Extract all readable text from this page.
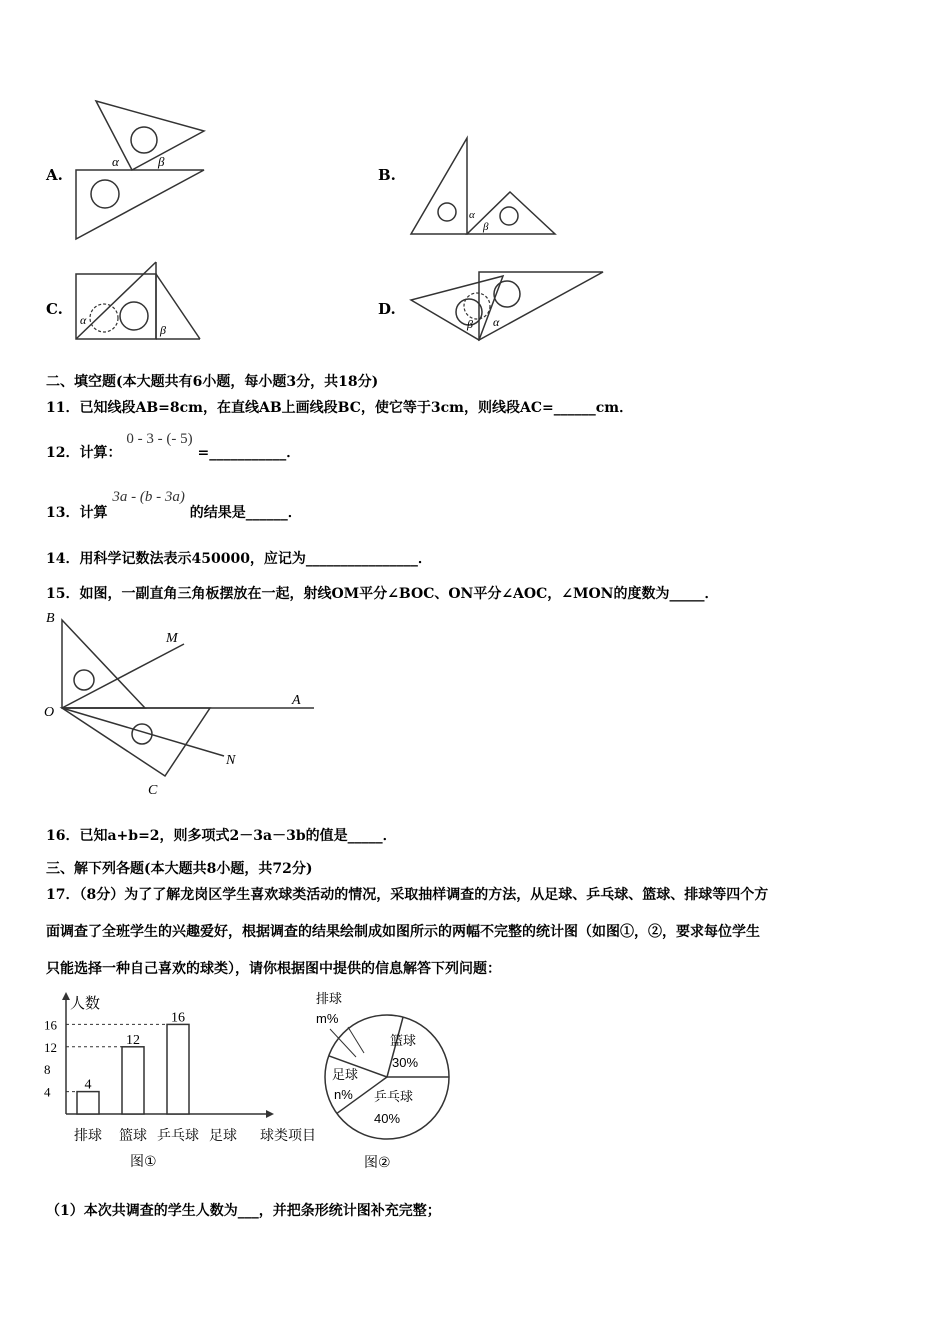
A.
α	β
B.
α
β
C.
α
β
D.
β α
二、填空题(本大题共有6小题，每小题3分，共18分)
11．已知线段AB=8cm，在直线AB上画线段BC，使它等于3cm，则线段AC=______cm．
12．计算： 0 - 3 - (- 5) =___________．
13．计算 3a - (b - 3a) 的结果是______．
14．用科学记数法表示450000，应记为________________．
15．如图，一副直角三角板摆放在一起，射线OM平分∠BOC、ON平分∠AOC，∠MON的度数为_____．
B
M
O
A
N
C
16．已知a+b=2，则多项式2－3a－3b的值是_____．
三、解下列各题(本大题共8小题，共72分)
17．（8分）为了了解龙岗区学生喜欢球类活动的情况，采取抽样调查的方法，从足球、乒乓球、篮球、排球等四个方
面调查了全班学生的兴趣爱好，根据调查的结果绘制成如图所示的两幅不完整的统计图（如图①，②，要求每位学生
只能选择一种自己喜欢的球类），请你根据图中提供的信息解答下列问题：
人数
球类项目
4
8
12
16
4
12
16
排球 篮球 乒乓球 足球
图①
排球
m%
篮球
30%
乒乓球
40%
足球
n%
图②
（1）本次共调查的学生人数为___，并把条形统计图补充完整；
